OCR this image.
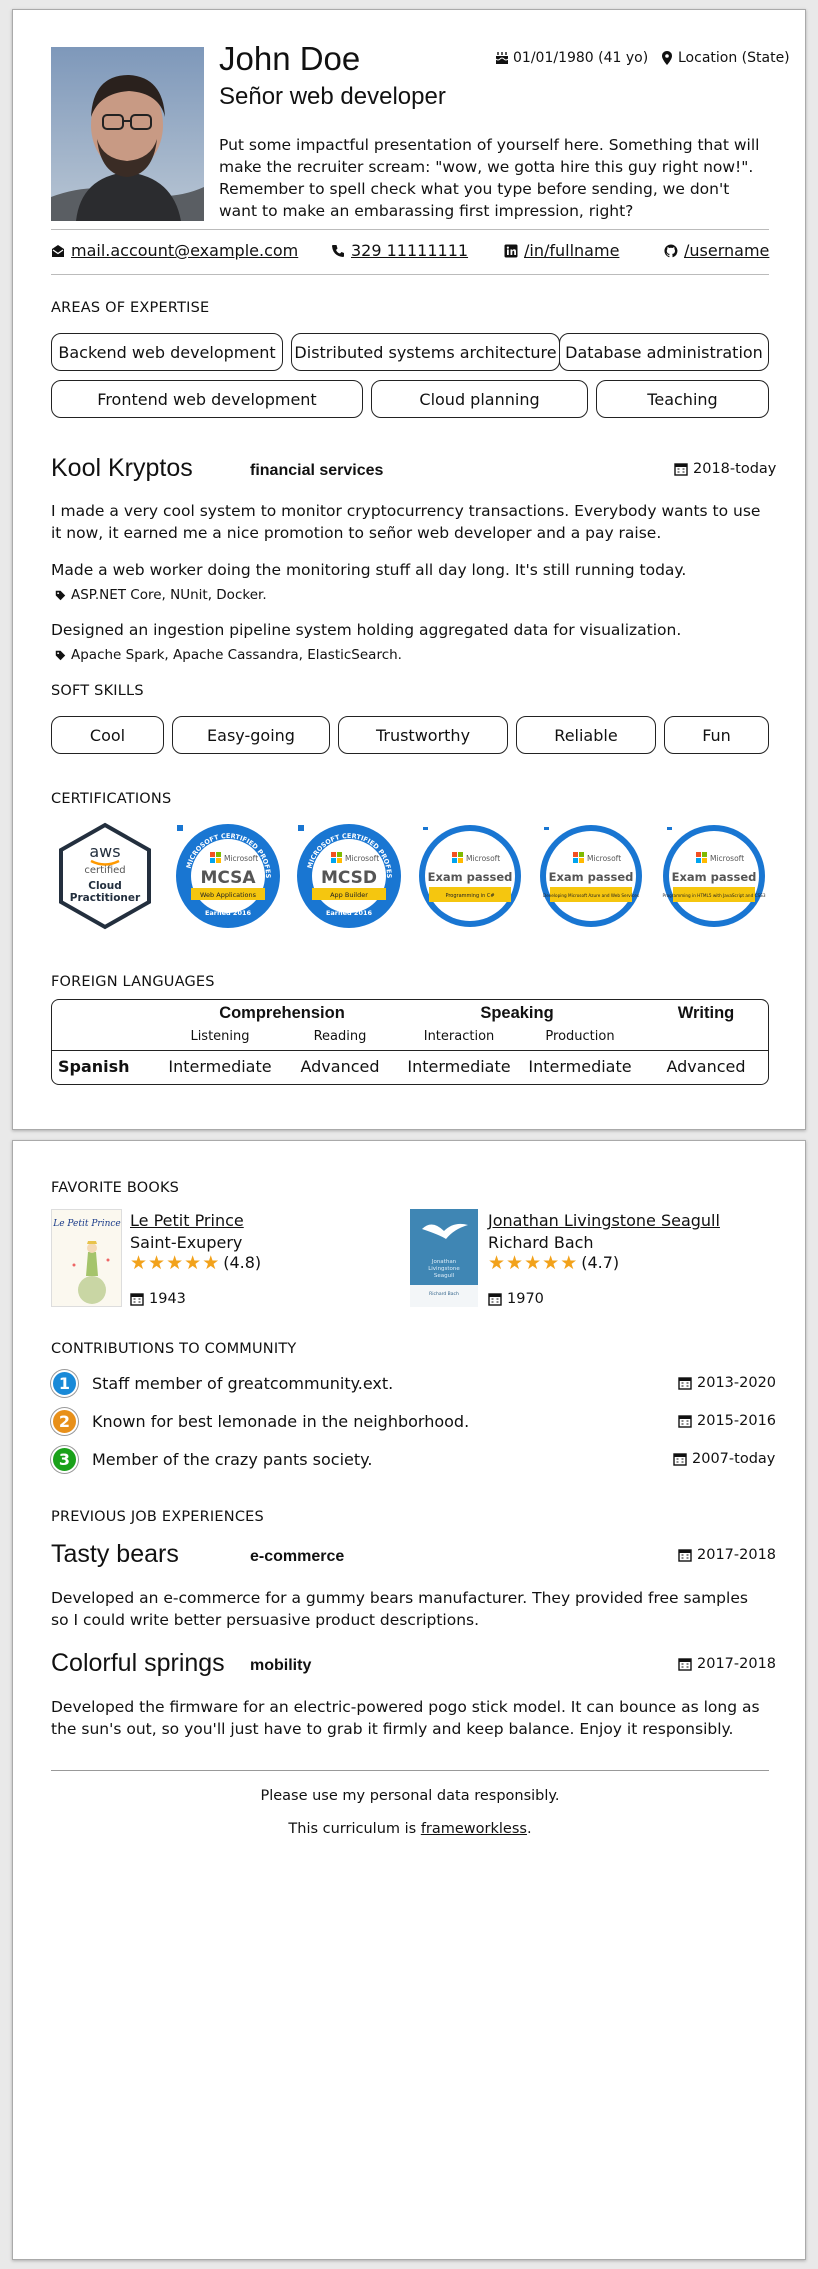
John Doe
Señor web developer
01/01/1980 (41 yo) Location (State)
Put some impactful presentation of yourself here. Something that will make the recruiter scream: "wow, we gotta hire this guy right now!". Remember to spell check what you type before sending, we don't want to make an embarassing first impression, right?
mail.account@example.com	329 11111111	/in/fullname	/username
AREAS OF EXPERTISE
Backend web development	Distributed systems architecture Database administration
Frontend web development	Cloud planning	Teaching
Kool Kryptos	financial services	2018-today
I made a very cool system to monitor cryptocurrency transactions. Everybody wants to use it now, it earned me a nice promotion to señor web developer and a pay raise.
Made a web worker doing the monitoring stuff all day long. It's still running today.
ASP.NET Core, NUnit, Docker.
Designed an ingestion pipeline system holding aggregated data for visualization.
Apache Spark, Apache Cassandra, ElasticSearch.
SOFT SKILLS
Cool	Easy-going	Trustworthy	Reliable	Fun
CERTIFICATIONS
aws
certified
Cloud
Practitioner
MICROSOFT CERTIFIED PROFES
Microsoft
MCSA
Web Applications
Earned 2016
MICROSOFT CERTIFIED PROFES
Microsoft
MCSD
App Builder
Earned 2016
Microsoft
Exam passed
Programming in C#
Microsoft
Exam passed
Developing Microsoft Azure and Web Services
Microsoft
Exam passed
Programming in HTML5 with JavaScript and CSS3
FOREIGN LANGUAGES
Comprehension	Speaking	Writing
Listening	Reading	Interaction	Production
Spanish	Intermediate	Advanced	Intermediate	Intermediate	Advanced
FAVORITE BOOKS
Le Petit Prince Le Petit Prince
Saint-Exupery
★ ★ ★ ★ ★ (4.8)
1943
Jonathan
Livingstone
Seagull
Richard Bach
Jonathan Livingstone Seagull
Richard Bach
★ ★ ★ ★ ★ (4.7)
1970
CONTRIBUTIONS TO COMMUNITY
1	Staff member of greatcommunity.ext.	2013-2020
2	Known for best lemonade in the neighborhood.	2015-2016
3	Member of the crazy pants society.	2007-today
PREVIOUS JOB EXPERIENCES
Tasty bears	e-commerce	2017-2018
Developed an e-commerce for a gummy bears manufacturer. They provided free samples so I could write better persuasive product descriptions.
Colorful springs mobility	2017-2018
Developed the firmware for an electric-powered pogo stick model. It can bounce as long as the sun's out, so you'll just have to grab it firmly and keep balance. Enjoy it responsibly.
Please use my personal data responsibly.
This curriculum is frameworkless.
